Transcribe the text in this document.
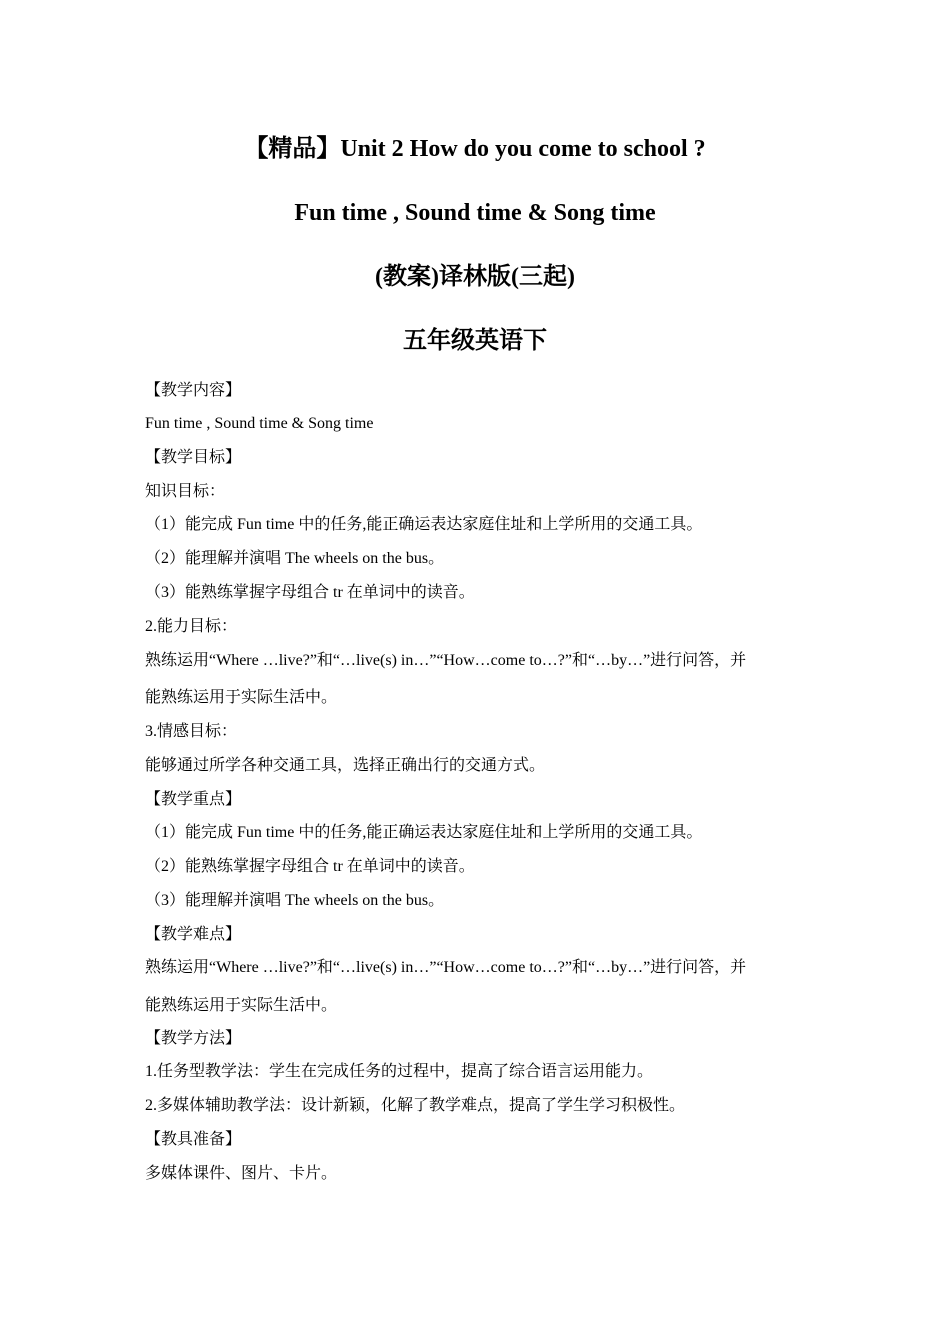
【精品】Unit 2 How do you come to school ?
Fun time , Sound time & Song time
(教案)译林版(三起)
五年级英语下
【教学内容】
Fun time , Sound time & Song time
【教学目标】
知识目标：
（1）能完成 Fun time 中的任务,能正确运表达家庭住址和上学所用的交通工具。
（2）能理解并演唱 The wheels on the bus。
（3）能熟练掌握字母组合 tr 在单词中的读音。
2.能力目标：
熟练运用“Where …live?”和“…live(s) in…”“How…come to…?”和“…by…”进行问答，并
能熟练运用于实际生活中。
3.情感目标：
能够通过所学各种交通工具，选择正确出行的交通方式。
【教学重点】
（1）能完成 Fun time 中的任务,能正确运表达家庭住址和上学所用的交通工具。
（2）能熟练掌握字母组合 tr 在单词中的读音。
（3）能理解并演唱 The wheels on the bus。
【教学难点】
熟练运用“Where …live?”和“…live(s) in…”“How…come to…?”和“…by…”进行问答，并
能熟练运用于实际生活中。
【教学方法】
1.任务型教学法：学生在完成任务的过程中，提高了综合语言运用能力。
2.多媒体辅助教学法：设计新颖，化解了教学难点，提高了学生学习积极性。
【教具准备】
多媒体课件、图片、卡片。
